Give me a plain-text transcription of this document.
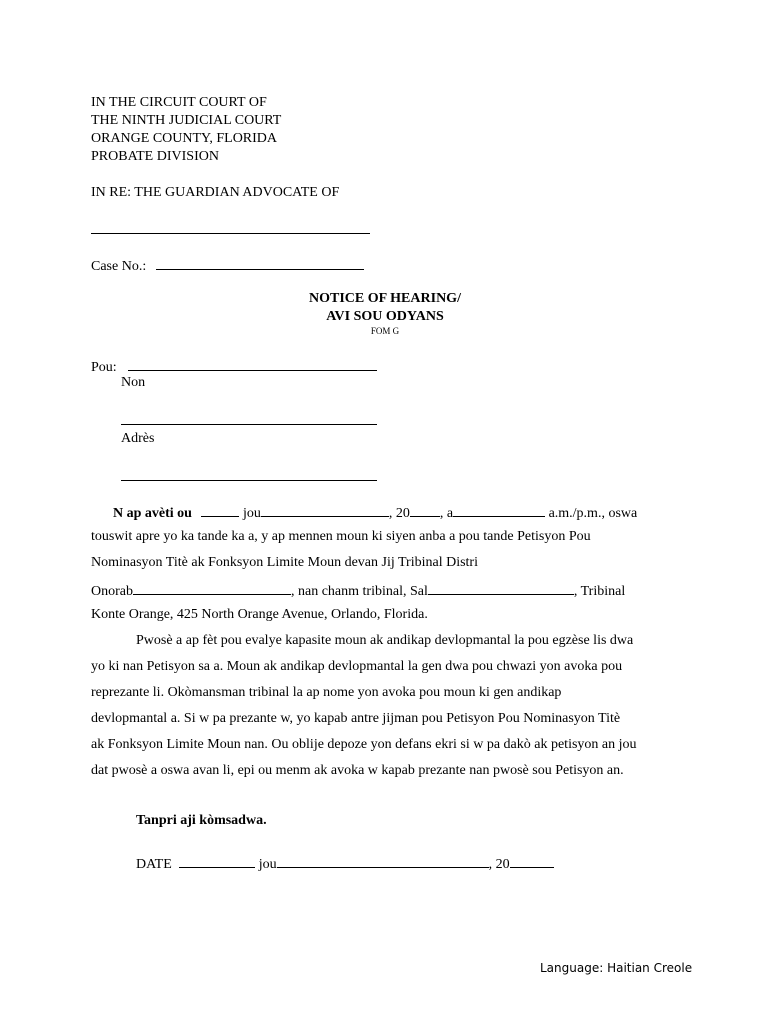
IN THE CIRCUIT COURT OF
THE NINTH JUDICIAL COURT
ORANGE COUNTY, FLORIDA
PROBATE DIVISION
IN RE: THE GUARDIAN ADVOCATE OF
Case No.:
NOTICE OF HEARING/
AVI SOU ODYANS
FOM G
Pou:
Non
Adrès
N ap avèti ou	jou	, 20 , a	a.m./p.m., oswa
touswit apre yo ka tande ka a, y ap mennen moun ki siyen anba a pou tande Petisyon Pou
Nominasyon Titè ak Fonksyon Limite Moun devan Jij Tribinal Distri
Onorab	, nan chanm tribinal, Sal	, Tribinal
Konte Orange, 425 North Orange Avenue, Orlando, Florida.
Pwosè a ap fèt pou evalye kapasite moun ak andikap devlopmantal la pou egzèse lis dwa
yo ki nan Petisyon sa a. Moun ak andikap devlopmantal la gen dwa pou chwazi yon avoka pou
reprezante li. Okòmansman tribinal la ap nome yon avoka pou moun ki gen andikap
devlopmantal a. Si w pa prezante w, yo kapab antre jijman pou Petisyon Pou Nominasyon Titè
ak Fonksyon Limite Moun nan. Ou oblije depoze yon defans ekri si w pa dakò ak petisyon an jou
dat pwosè a oswa avan li, epi ou menm ak avoka w kapab prezante nan pwosè sou Petisyon an.
Tanpri aji kòmsadwa.
DATE	jou	, 20
Language: Haitian Creole
